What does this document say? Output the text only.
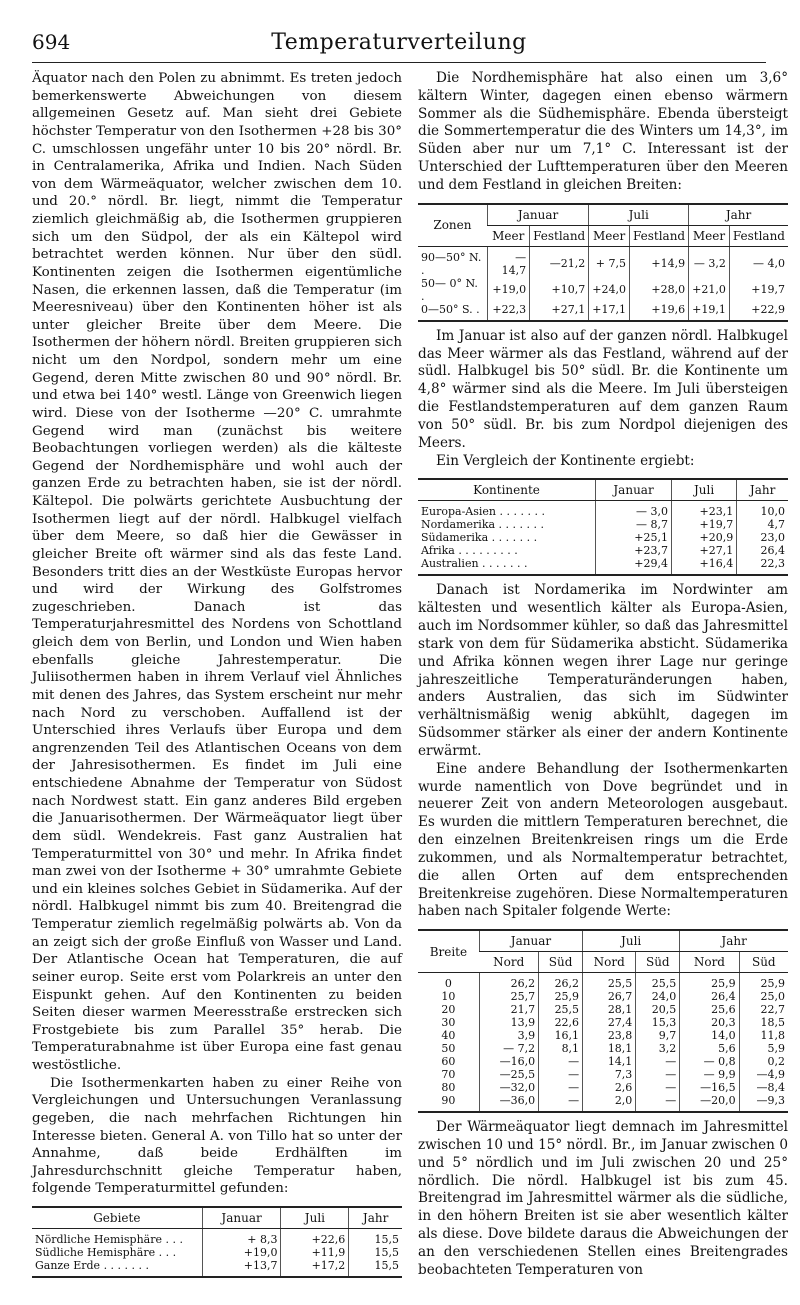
694	Temperaturverteilung

Äquator nach den Polen zu abnimmt. Es treten jedoch bemerkenswerte Abweichungen von diesem allgemeinen Gesetz auf. Man sieht drei Gebiete höchster Temperatur von den Isothermen +28 bis 30° C. umschlossen ungefähr unter 10 bis 20° nördl. Br. in Centralamerika, Afrika und Indien. Nach Süden von dem Wärmeäquator, welcher zwischen dem 10. und 20.° nördl. Br. liegt, nimmt die Temperatur ziemlich gleichmäßig ab, die Isothermen gruppieren sich um den Südpol, der als ein Kältepol wird betrachtet werden können. Nur über den südl. Kontinenten zeigen die Isothermen eigentümliche Nasen, die erkennen lassen, daß die Temperatur (im Meeresniveau) über den Kontinenten höher ist als unter gleicher Breite über dem Meere. Die Isothermen der höhern nördl. Breiten gruppieren sich nicht um den Nordpol, sondern mehr um eine Gegend, deren Mitte zwischen 80 und 90° nördl. Br. und etwa bei 140° westl. Länge von Greenwich liegen wird. Diese von der Isotherme —20° C. umrahmte Gegend wird man (zunächst bis weitere Beobachtungen vorliegen werden) als die kälteste Gegend der Nordhemisphäre und wohl auch der ganzen Erde zu betrachten haben, sie ist der nördl. Kältepol. Die polwärts gerichtete Ausbuchtung der Isothermen liegt auf der nördl. Halbkugel vielfach über dem Meere, so daß hier die Gewässer in gleicher Breite oft wärmer sind als das feste Land. Besonders tritt dies an der Westküste Europas hervor und wird der Wirkung des Golfstromes zugeschrieben. Danach ist das Temperaturjahresmittel des Nordens von Schottland gleich dem von Berlin, und London und Wien haben ebenfalls gleiche Jahrestemperatur. Die Juliisothermen haben in ihrem Verlauf viel Ähnliches mit denen des Jahres, das System erscheint nur mehr nach Nord zu verschoben. Auffallend ist der Unterschied ihres Verlaufs über Europa und dem angrenzenden Teil des Atlantischen Oceans von dem der Jahresisothermen. Es findet im Juli eine entschiedene Abnahme der Temperatur von Südost nach Nordwest statt. Ein ganz anderes Bild ergeben die Januarisothermen. Der Wärmeäquator liegt über dem südl. Wendekreis. Fast ganz Australien hat Temperaturmittel von 30° und mehr. In Afrika findet man zwei von der Isotherme + 30° umrahmte Gebiete und ein kleines solches Gebiet in Südamerika. Auf der nördl. Halbkugel nimmt bis zum 40. Breitengrad die Temperatur ziemlich regelmäßig polwärts ab. Von da an zeigt sich der große Einfluß von Wasser und Land. Der Atlantische Ocean hat Temperaturen, die auf seiner europ. Seite erst vom Polarkreis an unter den Eispunkt gehen. Auf den Kontinenten zu beiden Seiten dieser warmen Meeresstraße erstrecken sich Frostgebiete bis zum Parallel 35° herab. Die Temperaturabnahme ist über Europa eine fast genau westöstliche.

Die Isothermenkarten haben zu einer Reihe von Vergleichungen und Untersuchungen Veranlassung gegeben, die nach mehrfachen Richtungen hin Interesse bieten. General A. von Tillo hat so unter der Annahme, daß beide Erdhälften im Jahresdurchschnitt gleiche Temperatur haben, folgende Temperaturmittel gefunden:

Gebiete	Januar	Juli	Jahr
Nördliche Hemisphäre . . .	+ 8,3	+22,6	15,5
Südliche Hemisphäre . . .	+19,0	+11,9	15,5
Ganze Erde . . . . . . .	+13,7	+17,2	15,5

Die Nordhemisphäre hat also einen um 3,6° kältern Winter, dagegen einen ebenso wärmern Sommer als die Südhemisphäre. Ebenda übersteigt die Sommertemperatur die des Winters um 14,3°, im Süden aber nur um 7,1° C. Interessant ist der Unterschied der Lufttemperaturen über den Meeren und dem Festland in gleichen Breiten:

Zonen	Januar		Juli		Jahr	
	Meer	Festland	Meer	Festland	Meer	Festland
90—50° N. .	—14,7	—21,2	+ 7,5	+14,9	— 3,2	— 4,0
50— 0° N. .	+19,0	+10,7	+24,0	+28,0	+21,0	+19,7
0—50° S. .	+22,3	+27,1	+17,1	+19,6	+19,1	+22,9

Im Januar ist also auf der ganzen nördl. Halbkugel das Meer wärmer als das Festland, während auf der südl. Halbkugel bis 50° südl. Br. die Kontinente um 4,8° wärmer sind als die Meere. Im Juli übersteigen die Festlandstemperaturen auf dem ganzen Raum von 50° südl. Br. bis zum Nordpol diejenigen des Meers.

Ein Vergleich der Kontinente ergiebt:

Kontinente	Januar	Juli	Jahr
Europa-Asien . . . . . . .	— 3,0	+23,1	10,0
Nordamerika . . . . . . .	— 8,7	+19,7	4,7
Südamerika . . . . . . .	+25,1	+20,9	23,0
Afrika . . . . . . . . .	+23,7	+27,1	26,4
Australien . . . . . . .	+29,4	+16,4	22,3

Danach ist Nordamerika im Nordwinter am kältesten und wesentlich kälter als Europa-Asien, auch im Nordsommer kühler, so daß das Jahresmittel stark von dem für Südamerika absticht. Südamerika und Afrika können wegen ihrer Lage nur geringe jahreszeitliche Temperaturänderungen haben, anders Australien, das sich im Südwinter verhältnismäßig wenig abkühlt, dagegen im Südsommer stärker als einer der andern Kontinente erwärmt.

Eine andere Behandlung der Isothermenkarten wurde namentlich von Dove begründet und in neuerer Zeit von andern Meteorologen ausgebaut. Es wurden die mittlern Temperaturen berechnet, die den einzelnen Breitenkreisen rings um die Erde zukommen, und als Normaltemperatur betrachtet, die allen Orten auf dem entsprechenden Breitenkreise zugehören. Diese Normaltemperaturen haben nach Spitaler folgende Werte:

Breite	Januar		Juli		Jahr	
	Nord	Süd	Nord	Süd	Nord	Süd
0	26,2	26,2	25,5	25,5	25,9	25,9
10	25,7	25,9	26,7	24,0	26,4	25,0
20	21,7	25,5	28,1	20,5	25,6	22,7
30	13,9	22,6	27,4	15,3	20,3	18,5
40	3,9	16,1	23,8	9,7	14,0	11,8
50	— 7,2	8,1	18,1	3,2	5,6	5,9
60	—16,0	—	14,1	—	— 0,8	0,2
70	—25,5	—	7,3	—	— 9,9	—4,9
80	—32,0	—	2,6	—	—16,5	—8,4
90	—36,0	—	2,0	—	—20,0	—9,3

Der Wärmeäquator liegt demnach im Jahresmittel zwischen 10 und 15° nördl. Br., im Januar zwischen 0 und 5° nördlich und im Juli zwischen 20 und 25° nördlich. Die nördl. Halbkugel ist bis zum 45. Breitengrad im Jahresmittel wärmer als die südliche, in den höhern Breiten ist sie aber wesentlich kälter als diese. Dove bildete daraus die Abweichungen der an den verschiedenen Stellen eines Breitengrades beobachteten Temperaturen von
